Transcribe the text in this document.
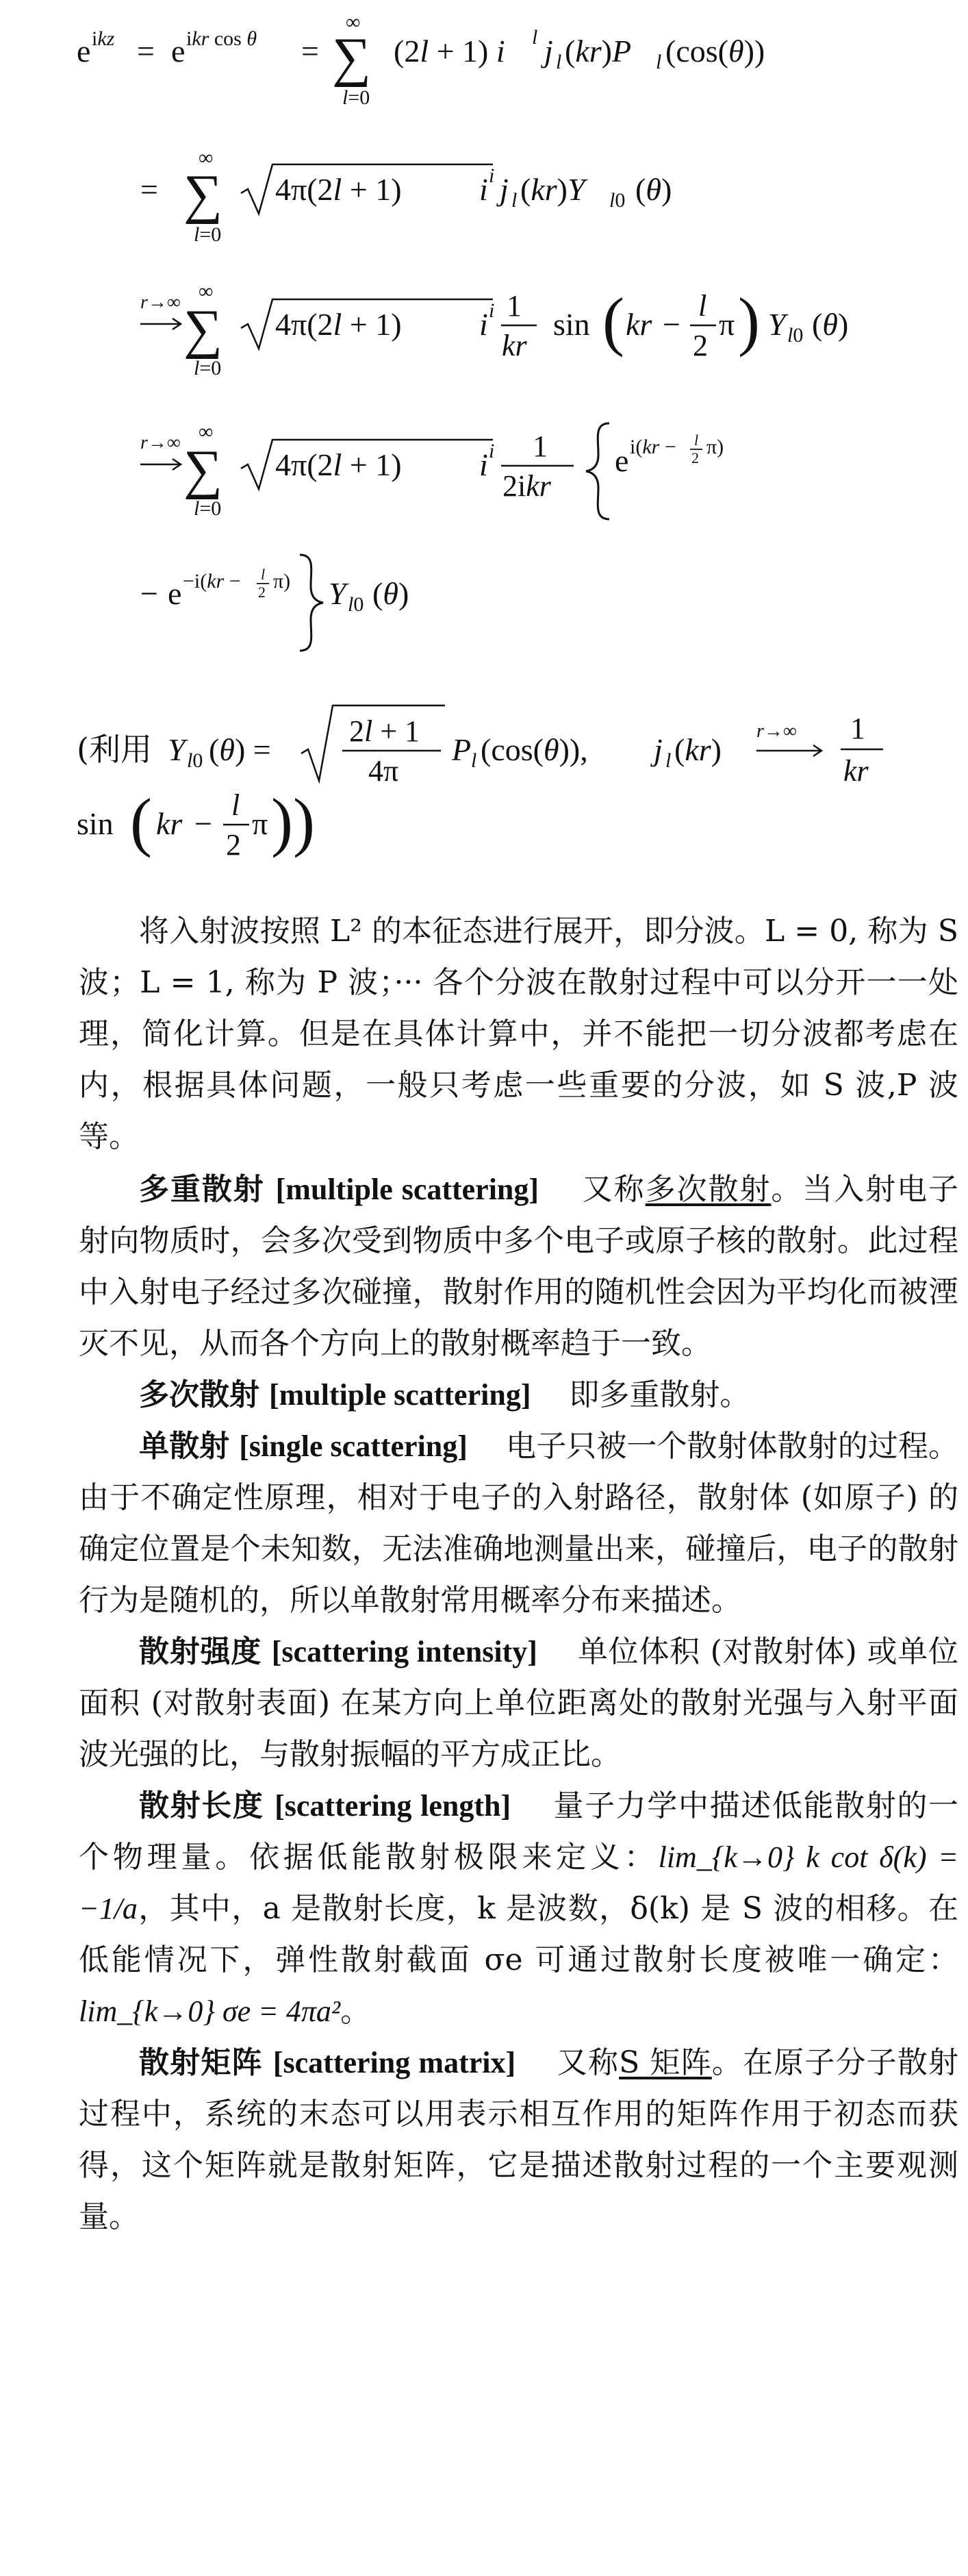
e ikz = e ikr cos θ =
∞
∑
l=0
(2l + 1) i l j l (kr)P l (cos(θ))
=
∞
∑
l=0
4π(2l + 1) i i j l (kr)Y l0 (θ)
r→∞ ∞
∑
l=0
4π(2l + 1) i i 1
kr
sin ( kr −
l
2
π ) Y l0 (θ)
r→∞ ∞
∑
l=0
4π(2l + 1) i i 1
2ikr
e i(kr − l
2 π)
− e −i(kr − l
2 π) Y l0 (θ)
(利用 Y l0 (θ) =
2l + 1
4π
P l (cos(θ)), j l (kr)
r→∞ 1
kr
sin ( kr −
l
2
π ))

将入射波按照 L² 的本征态进行展开，即分波。L = 0, 称为 S 波；L = 1, 称为 P 波；··· 各个分波在散射过程中可以分开一一处理，简化计算。但是在具体计算中，并不能把一切分波都考虑在内，根据具体问题，一般只考虑一些重要的分波，如 S 波,P 波等。

多重散射 [multiple scattering] 又称多次散射。当入射电子射向物质时，会多次受到物质中多个电子或原子核的散射。此过程中入射电子经过多次碰撞，散射作用的随机性会因为平均化而被湮灭不见，从而各个方向上的散射概率趋于一致。

多次散射 [multiple scattering] 即多重散射。

单散射 [single scattering] 电子只被一个散射体散射的过程。由于不确定性原理，相对于电子的入射路径，散射体 (如原子) 的确定位置是个未知数，无法准确地测量出来，碰撞后，电子的散射行为是随机的，所以单散射常用概率分布来描述。

散射强度 [scattering intensity] 单位体积 (对散射体) 或单位面积 (对散射表面) 在某方向上单位距离处的散射光强与入射平面波光强的比，与散射振幅的平方成正比。

散射长度 [scattering length] 量子力学中描述低能散射的一个物理量。依据低能散射极限来定义：lim_{k→0} k cot δ(k) = −1/a，其中，a 是散射长度，k 是波数，δ(k) 是 S 波的相移。在低能情况下，弹性散射截面 σe 可通过散射长度被唯一确定：lim_{k→0} σe = 4πa²。

散射矩阵 [scattering matrix] 又称S 矩阵。在原子分子散射过程中，系统的末态可以用表示相互作用的矩阵作用于初态而获得，这个矩阵就是散射矩阵，它是描述散射过程的一个主要观测量。
